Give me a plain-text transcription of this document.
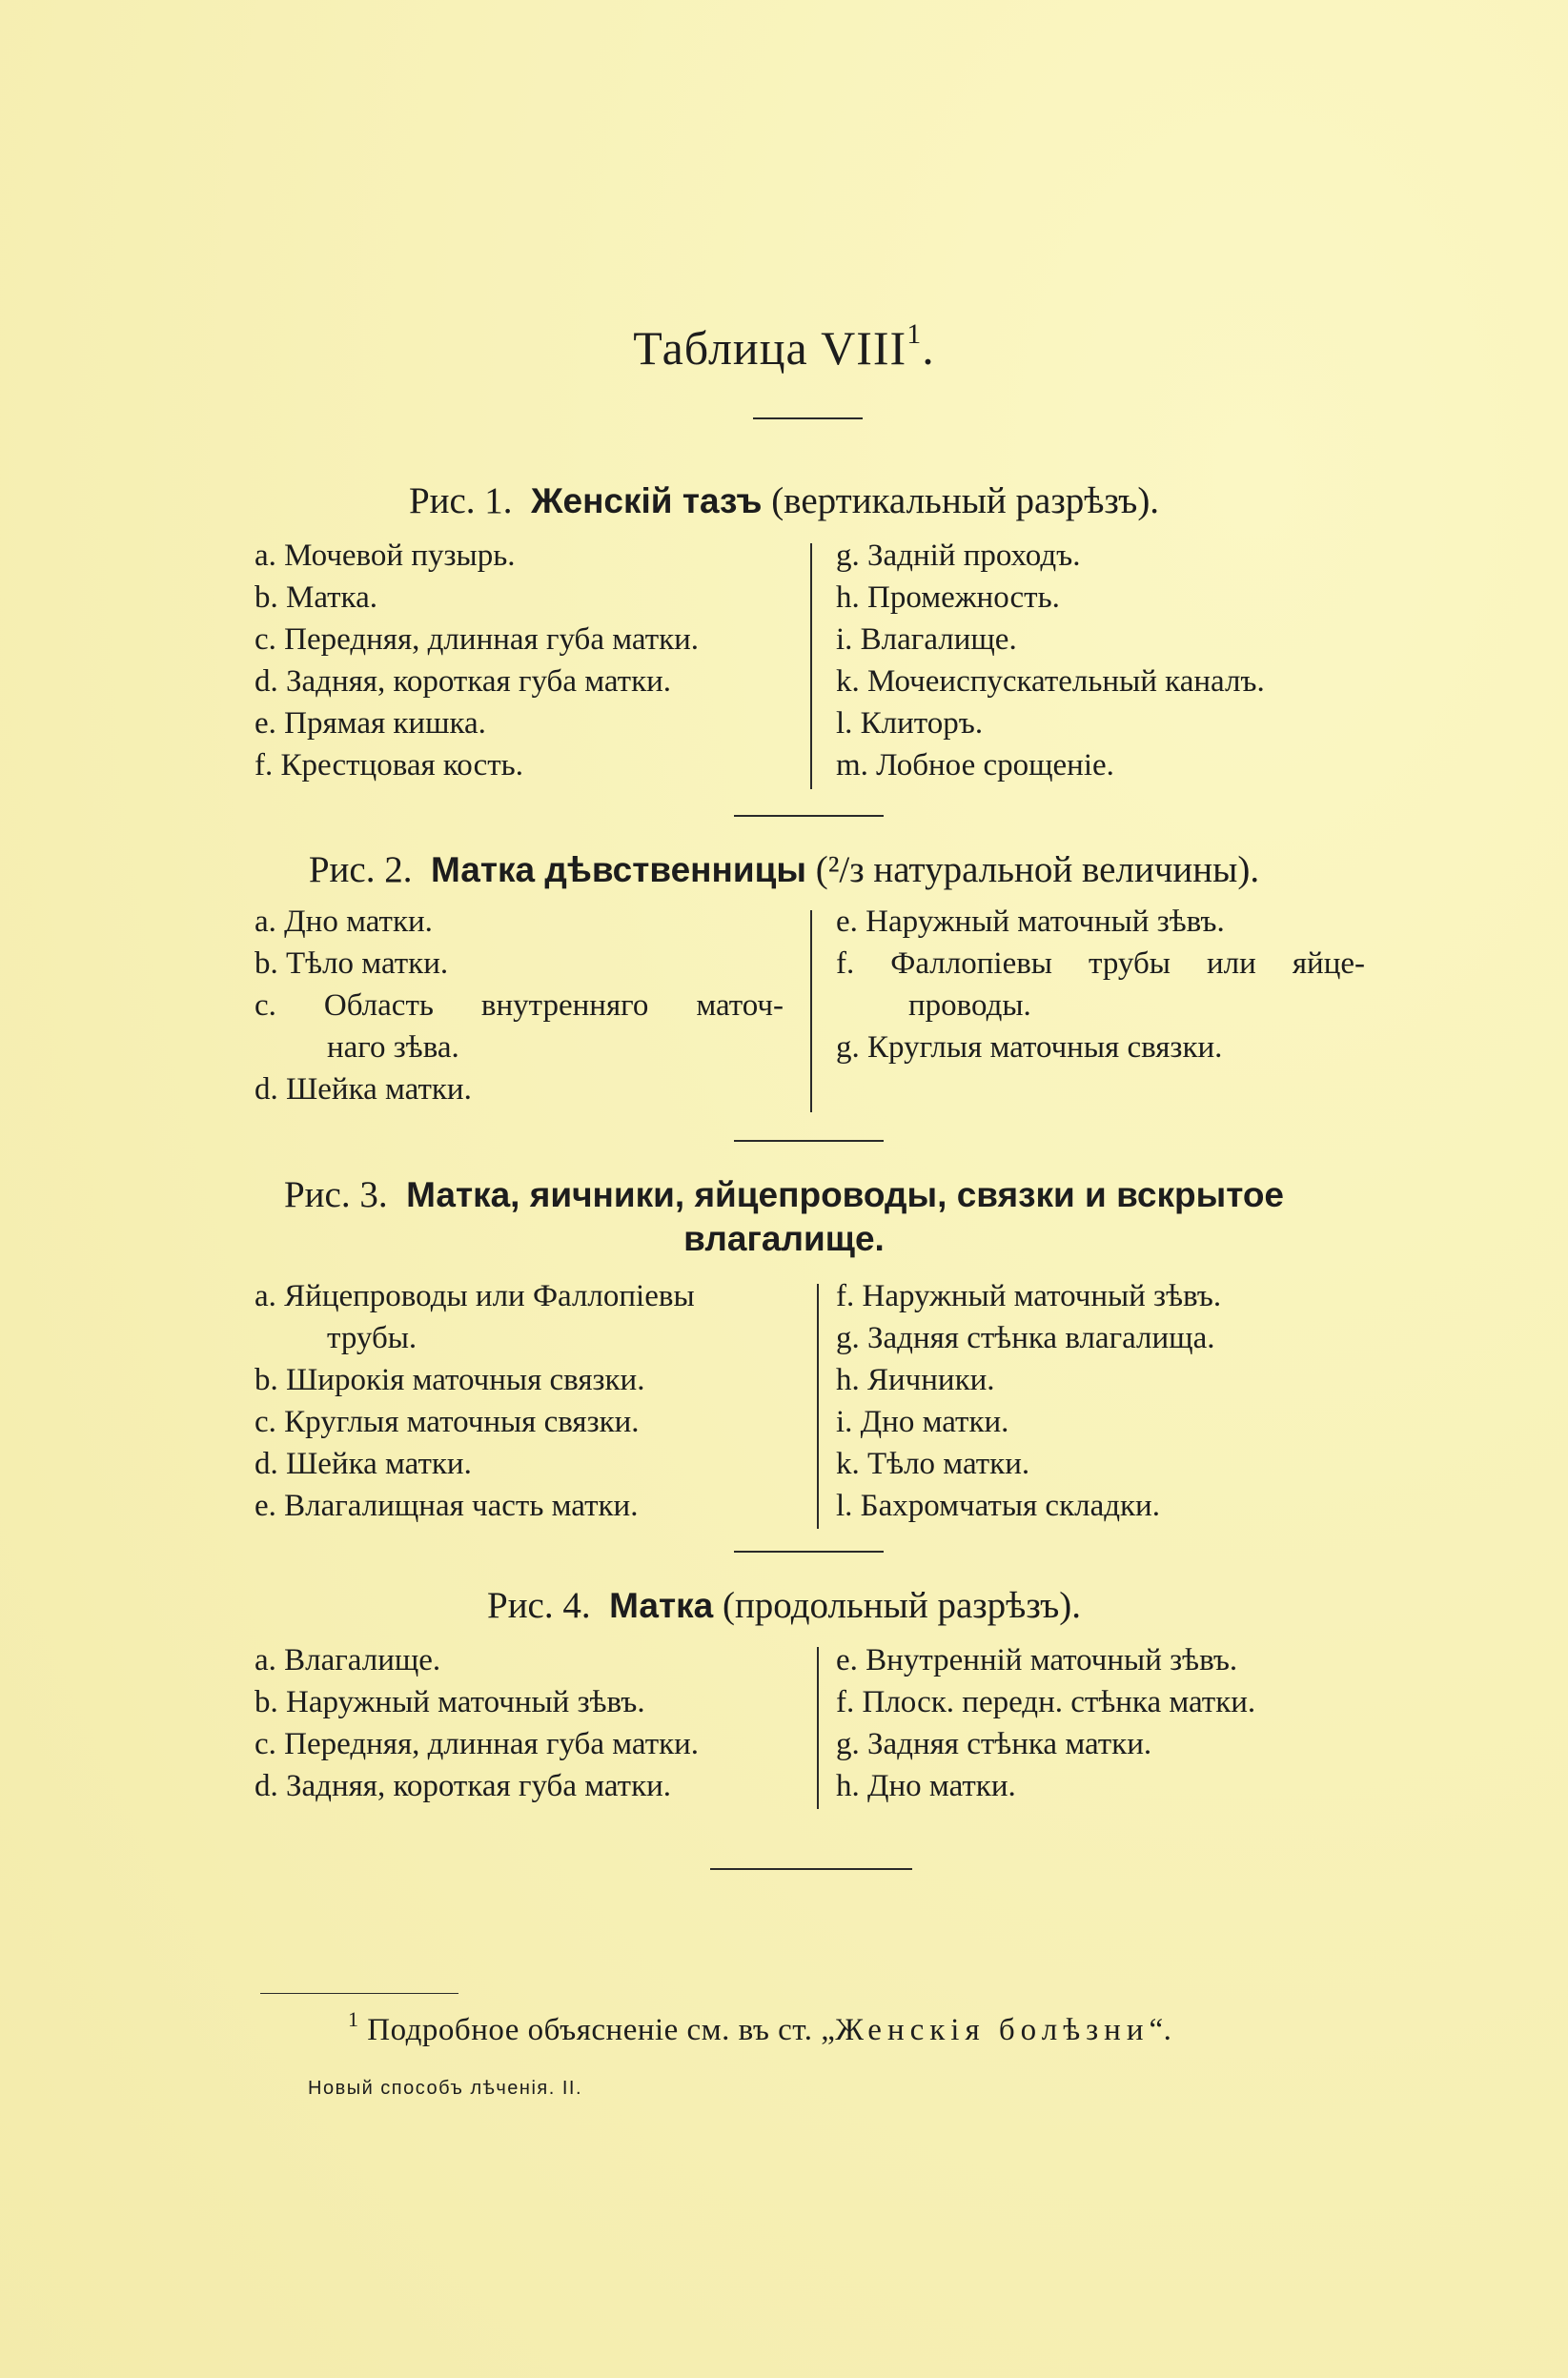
Таблица VIII$^1$.
Рис. 1. Женскій тазъ (вертикальный разрѣзъ).
a. Мочевой пузырь.
b. Матка.
c. Передняя, длинная губа матки.
d. Задняя, короткая губа матки.
e. Прямая кишка.
f. Крестцовая кость.
g. Задній проходъ.
h. Промежность.
i. Влагалище.
k. Мочеиспускательный каналъ.
l. Клиторъ.
m. Лобное срощеніе.
Рис. 2. Матка дѣвственницы (²/з натуральной величины).
a. Дно матки.
b. Тѣло матки.
c. Область внутренняго маточ-
наго зѣва.
d. Шейка матки.
e. Наружный маточный зѣвъ.
f. Фаллопіевы трубы или яйце-
проводы.
g. Круглыя маточныя связки.
Рис. 3. Матка, яичники, яйцепроводы, связки и вскрытое
влагалище.
a. Яйцепроводы или Фаллопіевы
трубы.
b. Широкія маточныя связки.
c. Круглыя маточныя связки.
d. Шейка матки.
e. Влагалищная часть матки.
f. Наружный маточный зѣвъ.
g. Задняя стѣнка влагалища.
h. Яичники.
i. Дно матки.
k. Тѣло матки.
l. Бахромчатыя складки.
Рис. 4. Матка (продольный разрѣзъ).
a. Влагалище.
b. Наружный маточный зѣвъ.
c. Передняя, длинная губа матки.
d. Задняя, короткая губа матки.
e. Внутренній маточный зѣвъ.
f. Плоск. передн. стѣнка матки.
g. Задняя стѣнка матки.
h. Дно матки.
$^1$ Подробное объясненіе см. въ ст. „Женскія болѣзни“.
Новый способъ лѣченія. II.
